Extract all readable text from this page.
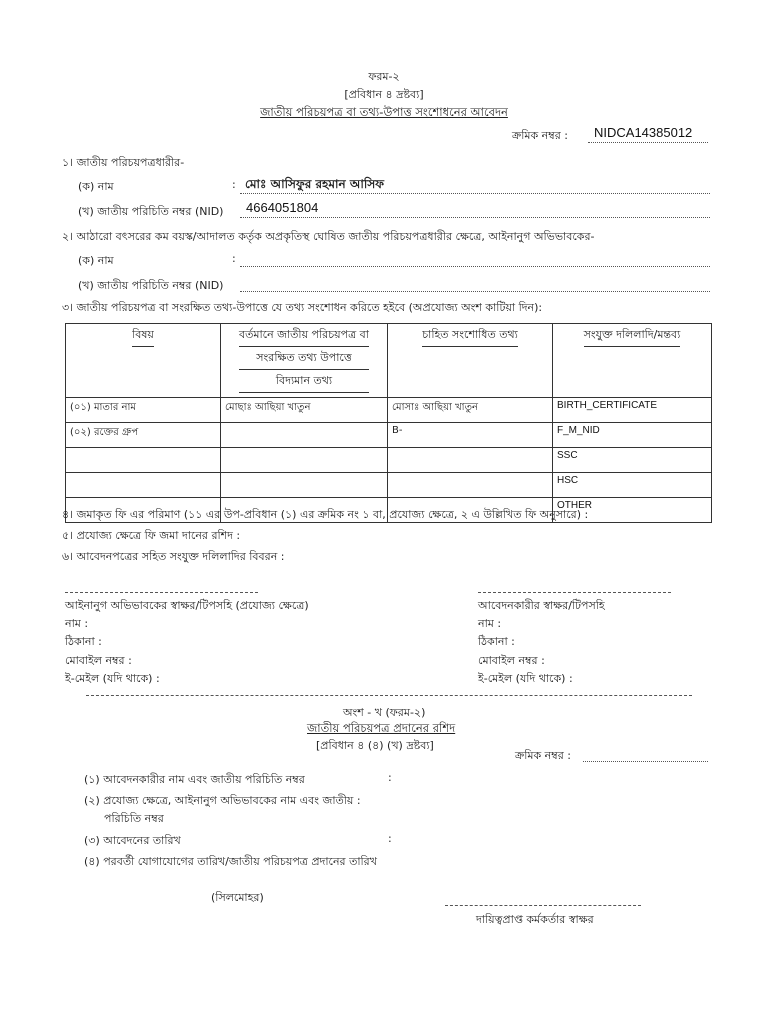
ফরম-২
[প্রবিধান ৪ দ্রষ্টব্য]
জাতীয় পরিচয়পত্র বা তথ্য-উপাত্ত সংশোধনের আবেদন
ক্রমিক নম্বর : NIDCA14385012
১। জাতীয় পরিচয়পত্রধারীর-
(ক) নাম	: মোঃ আসিফুর রহমান আসিফ
(খ) জাতীয় পরিচিতি নম্বর (NID) 4664051804
২। আঠারো বৎসরের কম বয়স্ক/আদালত কর্তৃক অপ্রকৃতিস্থ ঘোষিত জাতীয় পরিচয়পত্রধারীর ক্ষেত্রে, আইনানুগ অভিভাবকের-
(ক) নাম	:
(খ) জাতীয় পরিচিতি নম্বর (NID)
৩। জাতীয় পরিচয়পত্র বা সংরক্ষিত তথ্য-উপাত্তে যে তথ্য সংশোধন করিতে হইবে (অপ্রযোজ্য অংশ কাটিয়া দিন):
বিষয়	বর্তমানে জাতীয় পরিচয়পত্র বা
সংরক্ষিত তথ্য উপাত্তে
বিদ্যমান তথ্য	চাহিত সংশোধিত তথ্য	সংযুক্ত দলিলাদি/মন্তব্য

(০১) মাতার নাম	মোছাঃ আছিয়া খাতুন	মোসাঃ আছিয়া খাতুন	BIRTH_CERTIFICATE
(০২) রক্তের গ্রুপ		B-	F_M_NID
			SSC
			HSC
			OTHER
৪। জমাকৃত ফি এর পরিমাণ (১১ এর উপ-প্রবিধান (১) এর ক্রমিক নং ১ বা, প্রযোজ্য ক্ষেত্রে, ২ এ উল্লিখিত ফি অনুসারে) :
৫। প্রযোজ্য ক্ষেত্রে ফি জমা দানের রশিদ :
৬। আবেদনপত্রের সহিত সংযুক্ত দলিলাদির বিবরন :
আইনানুগ অভিভাবকের স্বাক্ষর/টিপসহি (প্রযোজ্য ক্ষেত্রে)
নাম :
ঠিকানা :
মোবাইল নম্বর :
ই-মেইল (যদি থাকে) :
আবেদনকারীর স্বাক্ষর/টিপসহি
নাম :
ঠিকানা :
মোবাইল নম্বর :
ই-মেইল (যদি থাকে) :
অংশ - খ (ফরম-২)
জাতীয় পরিচয়পত্র প্রদানের রশিদ
[প্রবিধান ৪ (৪) (খ) দ্রষ্টব্য]
ক্রমিক নম্বর :
(১) আবেদনকারীর নাম এবং জাতীয় পরিচিতি নম্বর	:
(২) প্রযোজ্য ক্ষেত্রে, আইনানুগ অভিভাবকের নাম এবং জাতীয় :
পরিচিতি নম্বর
(৩) আবেদনের তারিখ	:
(৪) পরবর্তী যোগাযোগের তারিখ/জাতীয় পরিচয়পত্র প্রদানের তারিখ
(সিলমোহর)
দায়িত্বপ্রাপ্ত কর্মকর্তার স্বাক্ষর
